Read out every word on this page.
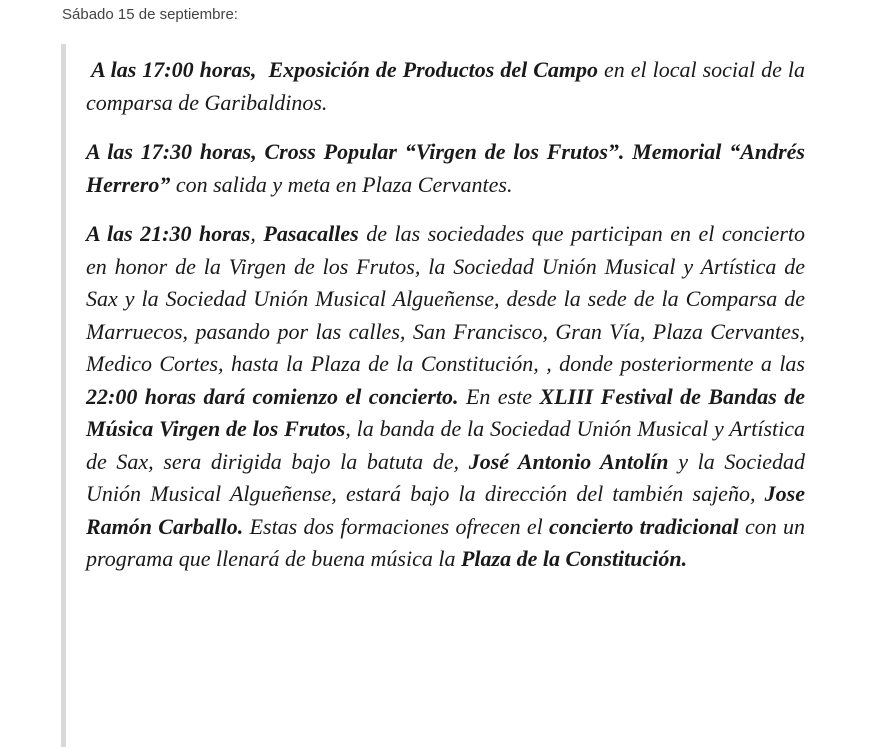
Sábado 15 de septiembre:

A las 17:00 horas,  Exposición de Productos del Campo en el local social de la comparsa de Garibaldinos.

A las 17:30 horas, Cross Popular “Virgen de los Frutos”. Memorial “Andrés Herrero” con salida y meta en Plaza Cervantes.

A las 21:30 horas, Pasacalles de las sociedades que participan en el concierto en honor de la Virgen de los Frutos, la Sociedad Unión Musical y Artística de Sax y la Sociedad Unión Musical Algueñense, desde la sede de la Comparsa de Marruecos, pasando por las calles, San Francisco, Gran Vía, Plaza Cervantes, Medico Cortes, hasta la Plaza de la Constitución, , donde posteriormente a las 22:00 horas dará comienzo el concierto. En este XLIII Festival de Bandas de Música Virgen de los Frutos, la banda de la Sociedad Unión Musical y Artística de Sax, sera dirigida bajo la batuta de, José Antonio Antolín y la Sociedad Unión Musical Algueñense, estará bajo la dirección del también sajeño, Jose Ramón Carballo. Estas dos formaciones ofrecen el concierto tradicional con un programa que llenará de buena música la Plaza de la Constitución.
